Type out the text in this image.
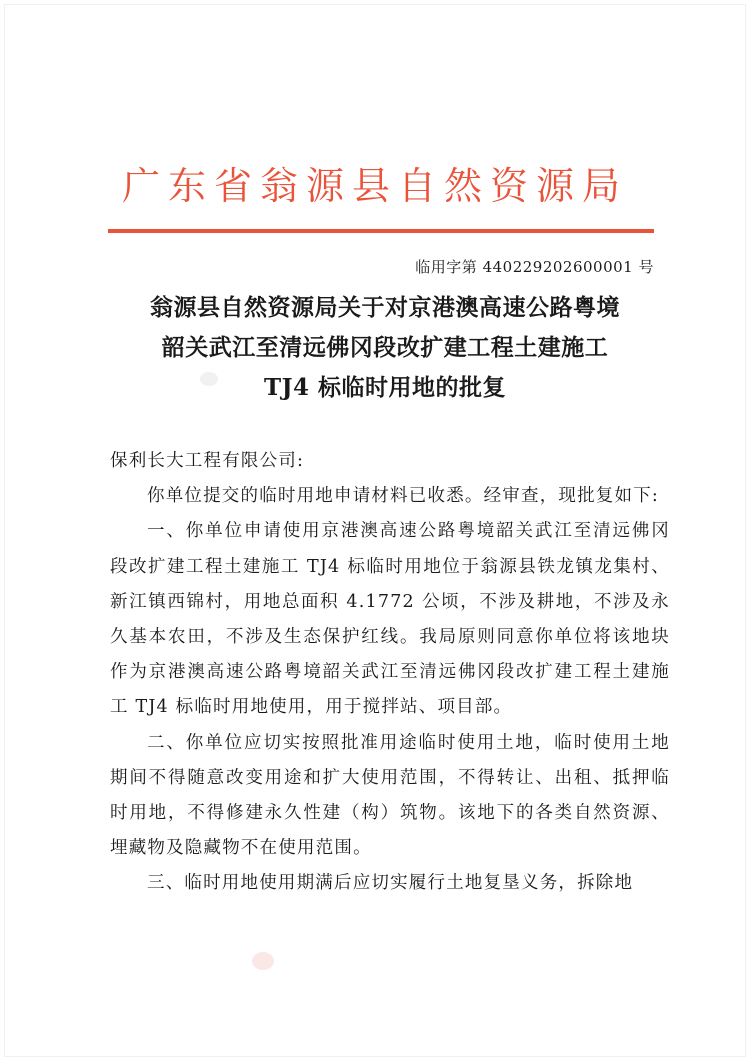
广东省翁源县自然资源局
临用字第 440229202600001 号
翁源县自然资源局关于对京港澳高速公路粤境
韶关武江至清远佛冈段改扩建工程土建施工
TJ4 标临时用地的批复

保利长大工程有限公司:

你单位提交的临时用地申请材料已收悉。经审查，现批复如下:

一、你单位申请使用京港澳高速公路粤境韶关武江至清远佛冈段改扩建工程土建施工 TJ4 标临时用地位于翁源县铁龙镇龙集村、新江镇西锦村，用地总面积 4.1772 公顷，不涉及耕地，不涉及永久基本农田，不涉及生态保护红线。我局原则同意你单位将该地块作为京港澳高速公路粤境韶关武江至清远佛冈段改扩建工程土建施工 TJ4 标临时用地使用，用于搅拌站、项目部。

二、你单位应切实按照批准用途临时使用土地，临时使用土地期间不得随意改变用途和扩大使用范围，不得转让、出租、抵押临时用地，不得修建永久性建（构）筑物。该地下的各类自然资源、埋藏物及隐藏物不在使用范围。

三、临时用地使用期满后应切实履行土地复垦义务，拆除地
